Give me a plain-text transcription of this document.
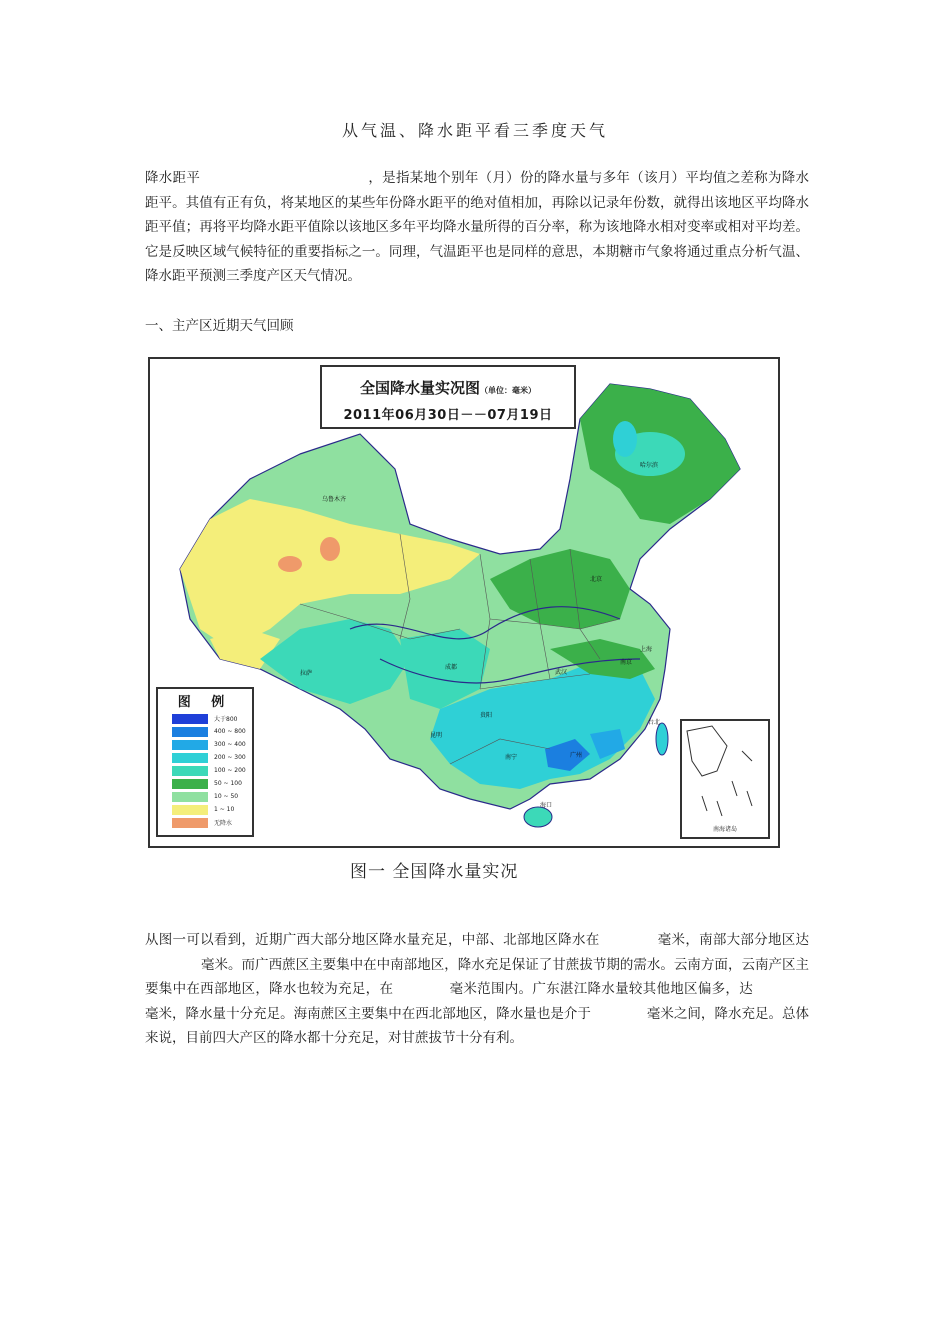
从气温、降水距平看三季度天气

降水距平	，是指某地个别年（月）份的降水量与多年（该月）平均值之差称为降水距平。其值有正有负，将某地区的某些年份降水距平的绝对值相加，再除以记录年份数，就得出该地区平均降水距平值；再将平均降水距平值除以该地区多年平均降水量所得的百分率，称为该地降水相对变率或相对平均差。它是反映区域气候特征的重要指标之一。同理，气温距平也是同样的意思，本期糖市气象将通过重点分析气温、降水距平预测三季度产区天气情况。

一、主产区近期天气回顾
乌鲁木齐
拉萨
成都
贵阳
昆明
南宁	广州
武汉
南京
上海
北京
哈尔滨
海口
台北
全国降水量实况图（单位：毫米）
2011年06月30日－－07月19日
图 例
大于800
400 ~ 800
300 ~ 400
200 ~ 300
100 ~ 200
50 ~ 100
10 ~ 50
1 ~ 10
无降水
南海诸岛
图一 全国降水量实况

从图一可以看到，近期广西大部分地区降水量充足，中部、北部地区降水在	毫米，南部大部分地区达毫米。而广西蔗区主要集中在中南部地区，降水充足保证了甘蔗拔节期的需水。云南方面，云南产区主要集中在西部地区，降水也较为充足，在	毫米范围内。广东湛江降水量较其他地区偏多，达毫米，降水量十分充足。海南蔗区主要集中在西北部地区，降水量也是介于	毫米之间，降水充足。总体来说，目前四大产区的降水都十分充足，对甘蔗拔节十分有利。
